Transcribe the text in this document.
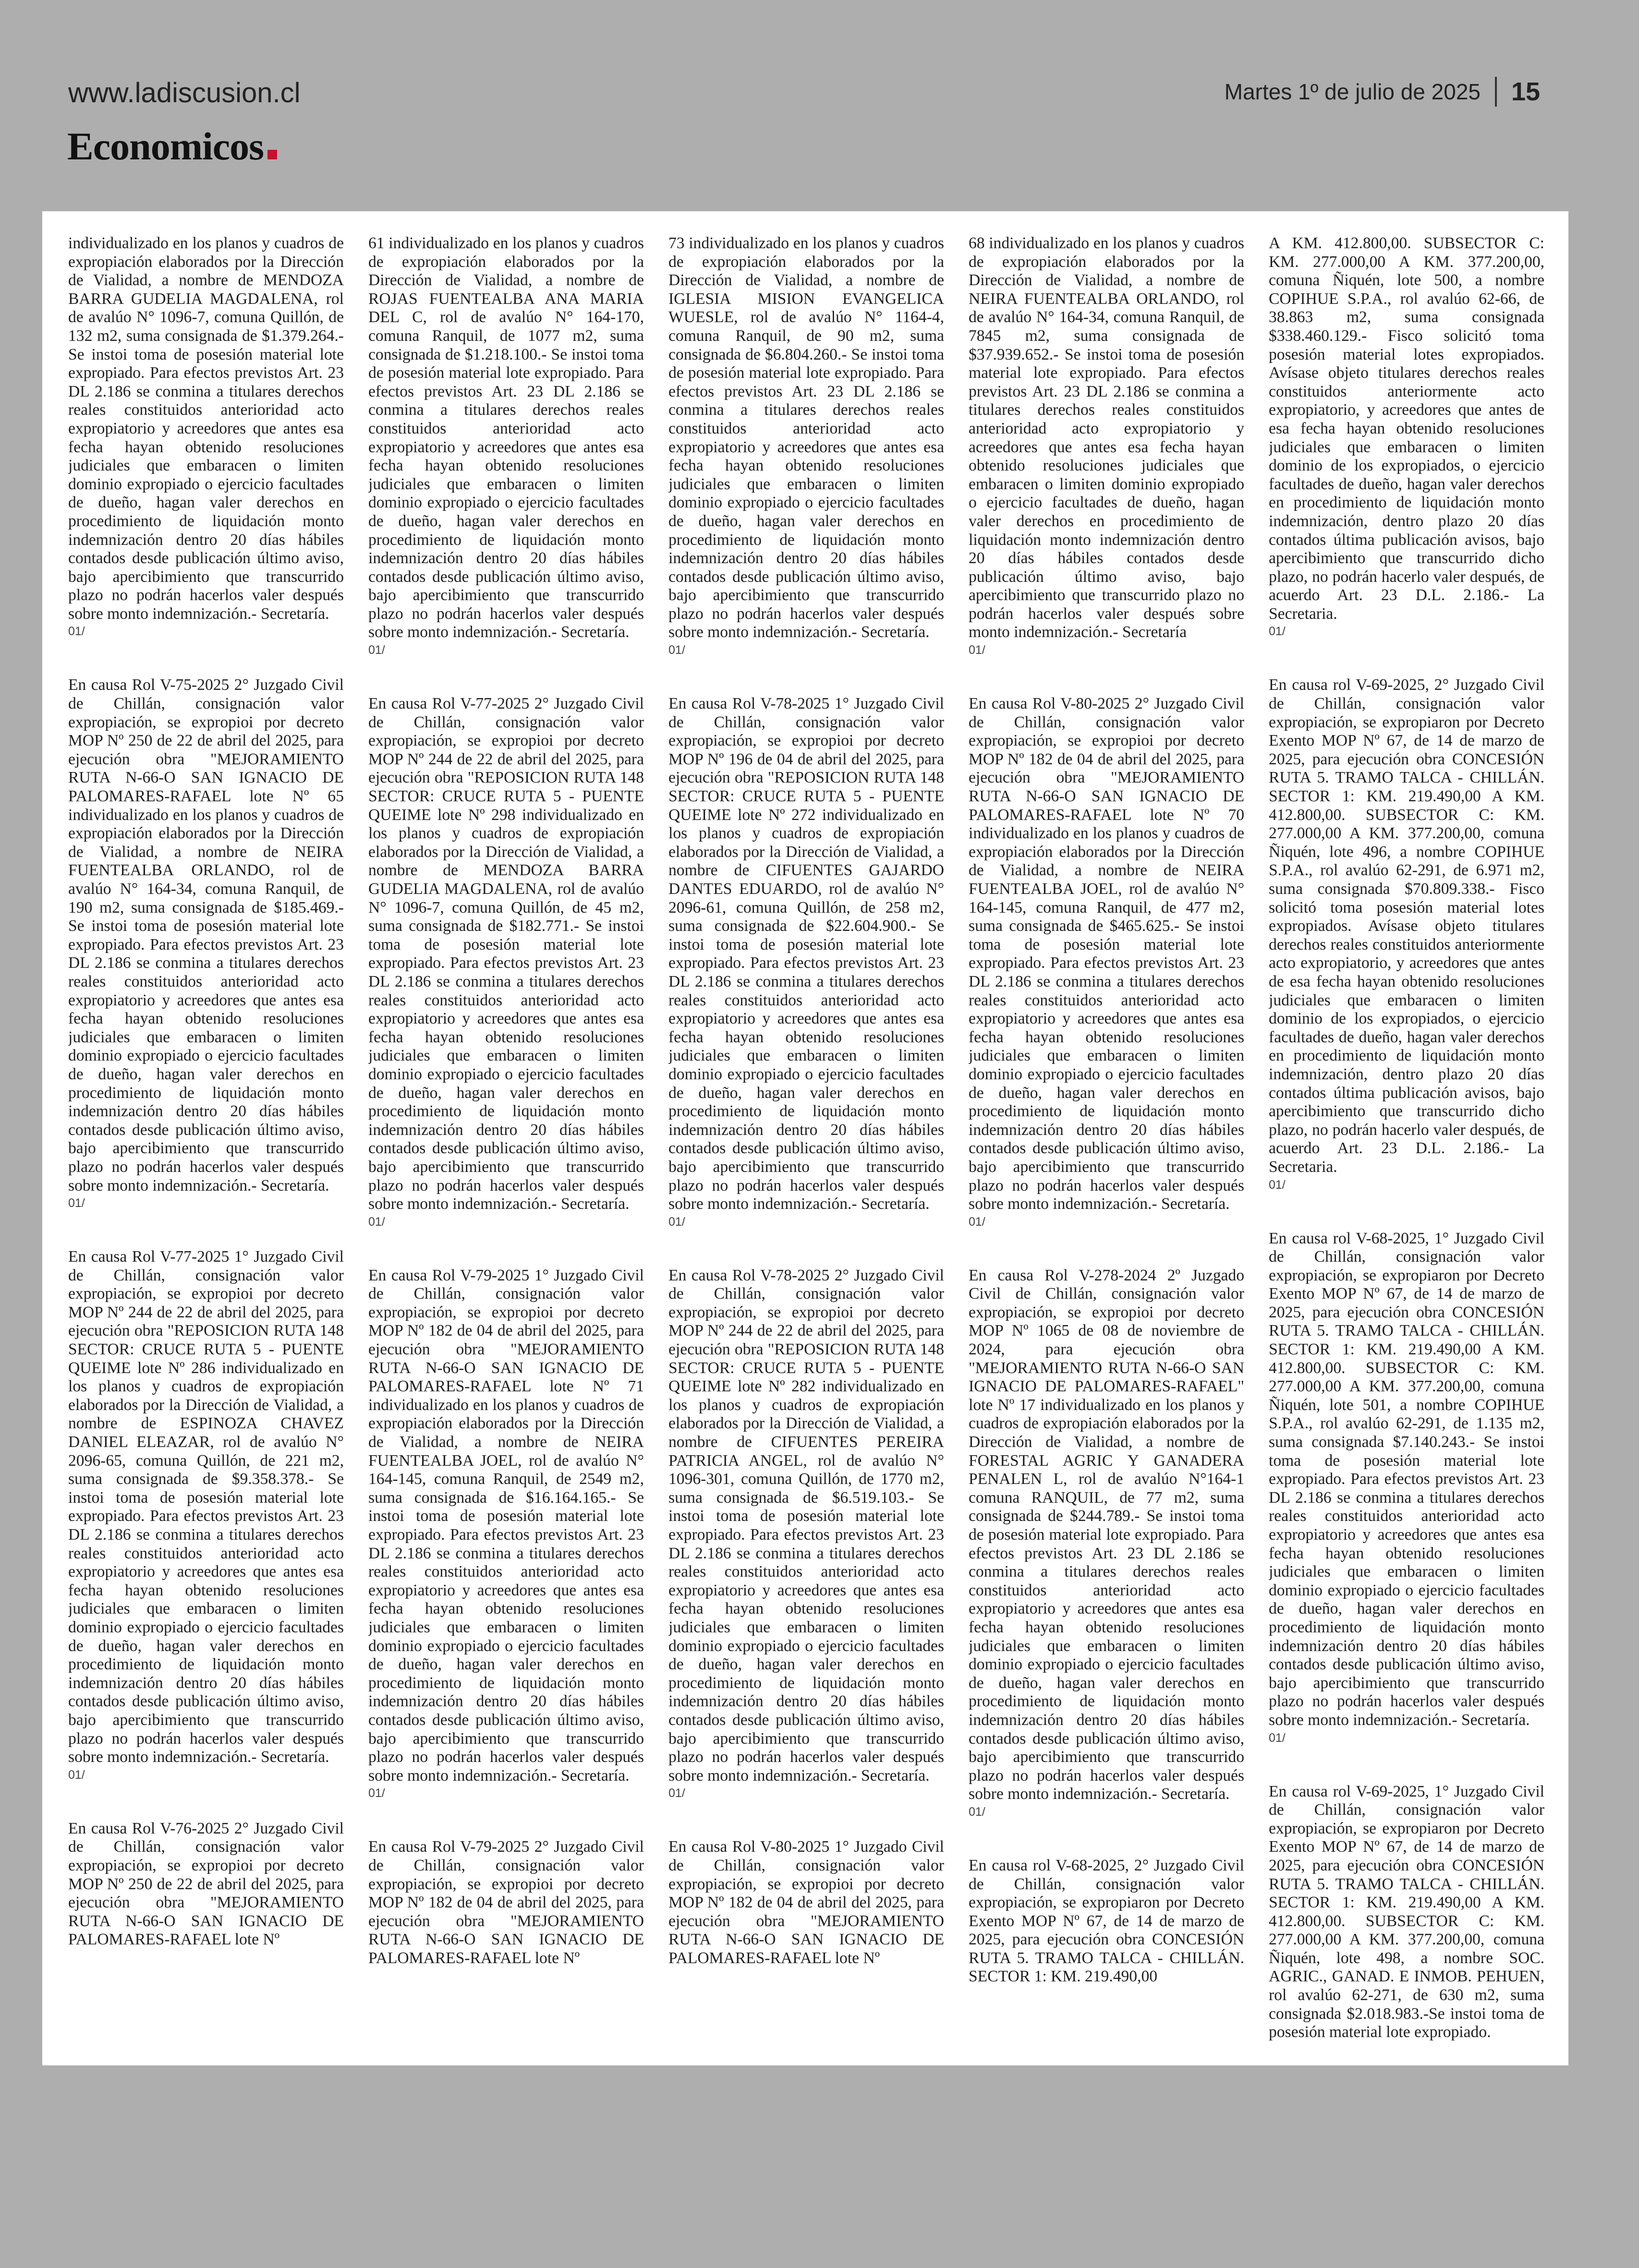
www.ladiscusion.cl
Economicos
Martes 1º de julio de 2025 15

individualizado en los planos y cuadros de expropiación elaborados por la Dirección de Vialidad, a nombre de MENDOZA BARRA GUDELIA MAGDALENA, rol de avalúo N° 1096-7, comuna Quillón, de 132 m2, suma consignada de $1.379.264.- Se instoi toma de posesión material lote expropiado. Para efectos previstos Art. 23 DL 2.186 se conmina a titulares derechos reales constituidos anterioridad acto expropiatorio y acreedores que antes esa fecha hayan obtenido resoluciones judiciales que embaracen o limiten dominio expropiado o ejercicio facultades de dueño, hagan valer derechos en procedimiento de liquidación monto indemnización dentro 20 días hábiles contados desde publicación último aviso, bajo apercibimiento que transcurrido plazo no podrán hacerlos valer después sobre monto indemnización.- Secretaría.

01/

En causa Rol V-75-2025 2° Juzgado Civil de Chillán, consignación valor expropiación, se expropioi por decreto MOP Nº 250 de 22 de abril del 2025, para ejecución obra "MEJORAMIENTO RUTA N-66-O SAN IGNACIO DE PALOMARES-RAFAEL lote Nº 65 individualizado en los planos y cuadros de expropiación elaborados por la Dirección de Vialidad, a nombre de NEIRA FUENTEALBA ORLANDO, rol de avalúo N° 164-34, comuna Ranquil, de 190 m2, suma consignada de $185.469.- Se instoi toma de posesión material lote expropiado. Para efectos previstos Art. 23 DL 2.186 se conmina a titulares derechos reales constituidos anterioridad acto expropiatorio y acreedores que antes esa fecha hayan obtenido resoluciones judiciales que embaracen o limiten dominio expropiado o ejercicio facultades de dueño, hagan valer derechos en procedimiento de liquidación monto indemnización dentro 20 días hábiles contados desde publicación último aviso, bajo apercibimiento que transcurrido plazo no podrán hacerlos valer después sobre monto indemnización.- Secretaría.

01/

En causa Rol V-77-2025 1° Juzgado Civil de Chillán, consignación valor expropiación, se expropioi por decreto MOP Nº 244 de 22 de abril del 2025, para ejecución obra "REPOSICION RUTA 148 SECTOR: CRUCE RUTA 5 - PUENTE QUEIME lote Nº 286 individualizado en los planos y cuadros de expropiación elaborados por la Dirección de Vialidad, a nombre de ESPINOZA CHAVEZ DANIEL ELEAZAR, rol de avalúo N° 2096-65, comuna Quillón, de 221 m2, suma consignada de $9.358.378.- Se instoi toma de posesión material lote expropiado. Para efectos previstos Art. 23 DL 2.186 se conmina a titulares derechos reales constituidos anterioridad acto expropiatorio y acreedores que antes esa fecha hayan obtenido resoluciones judiciales que embaracen o limiten dominio expropiado o ejercicio facultades de dueño, hagan valer derechos en procedimiento de liquidación monto indemnización dentro 20 días hábiles contados desde publicación último aviso, bajo apercibimiento que transcurrido plazo no podrán hacerlos valer después sobre monto indemnización.- Secretaría.

01/

En causa Rol V-76-2025 2° Juzgado Civil de Chillán, consignación valor expropiación, se expropioi por decreto MOP Nº 250 de 22 de abril del 2025, para ejecución obra "MEJORAMIENTO RUTA N-66-O SAN IGNACIO DE PALOMARES-RAFAEL lote Nº

61 individualizado en los planos y cuadros de expropiación elaborados por la Dirección de Vialidad, a nombre de ROJAS FUENTEALBA ANA MARIA DEL C, rol de avalúo N° 164-170, comuna Ranquil, de 1077 m2, suma consignada de $1.218.100.- Se instoi toma de posesión material lote expropiado. Para efectos previstos Art. 23 DL 2.186 se conmina a titulares derechos reales constituidos anterioridad acto expropiatorio y acreedores que antes esa fecha hayan obtenido resoluciones judiciales que embaracen o limiten dominio expropiado o ejercicio facultades de dueño, hagan valer derechos en procedimiento de liquidación monto indemnización dentro 20 días hábiles contados desde publicación último aviso, bajo apercibimiento que transcurrido plazo no podrán hacerlos valer después sobre monto indemnización.- Secretaría.

01/

En causa Rol V-77-2025 2° Juzgado Civil de Chillán, consignación valor expropiación, se expropioi por decreto MOP Nº 244 de 22 de abril del 2025, para ejecución obra "REPOSICION RUTA 148 SECTOR: CRUCE RUTA 5 - PUENTE QUEIME lote Nº 298 individualizado en los planos y cuadros de expropiación elaborados por la Dirección de Vialidad, a nombre de MENDOZA BARRA GUDELIA MAGDALENA, rol de avalúo N° 1096-7, comuna Quillón, de 45 m2, suma consignada de $182.771.- Se instoi toma de posesión material lote expropiado. Para efectos previstos Art. 23 DL 2.186 se conmina a titulares derechos reales constituidos anterioridad acto expropiatorio y acreedores que antes esa fecha hayan obtenido resoluciones judiciales que embaracen o limiten dominio expropiado o ejercicio facultades de dueño, hagan valer derechos en procedimiento de liquidación monto indemnización dentro 20 días hábiles contados desde publicación último aviso, bajo apercibimiento que transcurrido plazo no podrán hacerlos valer después sobre monto indemnización.- Secretaría.

01/

En causa Rol V-79-2025 1° Juzgado Civil de Chillán, consignación valor expropiación, se expropioi por decreto MOP Nº 182 de 04 de abril del 2025, para ejecución obra "MEJORAMIENTO RUTA N-66-O SAN IGNACIO DE PALOMARES-RAFAEL lote Nº 71 individualizado en los planos y cuadros de expropiación elaborados por la Dirección de Vialidad, a nombre de NEIRA FUENTEALBA JOEL, rol de avalúo N° 164-145, comuna Ranquil, de 2549 m2, suma consignada de $16.164.165.- Se instoi toma de posesión material lote expropiado. Para efectos previstos Art. 23 DL 2.186 se conmina a titulares derechos reales constituidos anterioridad acto expropiatorio y acreedores que antes esa fecha hayan obtenido resoluciones judiciales que embaracen o limiten dominio expropiado o ejercicio facultades de dueño, hagan valer derechos en procedimiento de liquidación monto indemnización dentro 20 días hábiles contados desde publicación último aviso, bajo apercibimiento que transcurrido plazo no podrán hacerlos valer después sobre monto indemnización.- Secretaría.

01/

En causa Rol V-79-2025 2° Juzgado Civil de Chillán, consignación valor expropiación, se expropioi por decreto MOP Nº 182 de 04 de abril del 2025, para ejecución obra "MEJORAMIENTO RUTA N-66-O SAN IGNACIO DE PALOMARES-RAFAEL lote Nº

73 individualizado en los planos y cuadros de expropiación elaborados por la Dirección de Vialidad, a nombre de IGLESIA MISION EVANGELICA WUESLE, rol de avalúo N° 1164-4, comuna Ranquil, de 90 m2, suma consignada de $6.804.260.- Se instoi toma de posesión material lote expropiado. Para efectos previstos Art. 23 DL 2.186 se conmina a titulares derechos reales constituidos anterioridad acto expropiatorio y acreedores que antes esa fecha hayan obtenido resoluciones judiciales que embaracen o limiten dominio expropiado o ejercicio facultades de dueño, hagan valer derechos en procedimiento de liquidación monto indemnización dentro 20 días hábiles contados desde publicación último aviso, bajo apercibimiento que transcurrido plazo no podrán hacerlos valer después sobre monto indemnización.- Secretaría.

01/

En causa Rol V-78-2025 1° Juzgado Civil de Chillán, consignación valor expropiación, se expropioi por decreto MOP Nº 196 de 04 de abril del 2025, para ejecución obra "REPOSICION RUTA 148 SECTOR: CRUCE RUTA 5 - PUENTE QUEIME lote Nº 272 individualizado en los planos y cuadros de expropiación elaborados por la Dirección de Vialidad, a nombre de CIFUENTES GAJARDO DANTES EDUARDO, rol de avalúo N° 2096-61, comuna Quillón, de 258 m2, suma consignada de $22.604.900.- Se instoi toma de posesión material lote expropiado. Para efectos previstos Art. 23 DL 2.186 se conmina a titulares derechos reales constituidos anterioridad acto expropiatorio y acreedores que antes esa fecha hayan obtenido resoluciones judiciales que embaracen o limiten dominio expropiado o ejercicio facultades de dueño, hagan valer derechos en procedimiento de liquidación monto indemnización dentro 20 días hábiles contados desde publicación último aviso, bajo apercibimiento que transcurrido plazo no podrán hacerlos valer después sobre monto indemnización.- Secretaría.

01/

En causa Rol V-78-2025 2° Juzgado Civil de Chillán, consignación valor expropiación, se expropioi por decreto MOP Nº 244 de 22 de abril del 2025, para ejecución obra "REPOSICION RUTA 148 SECTOR: CRUCE RUTA 5 - PUENTE QUEIME lote Nº 282 individualizado en los planos y cuadros de expropiación elaborados por la Dirección de Vialidad, a nombre de CIFUENTES PEREIRA PATRICIA ANGEL, rol de avalúo N° 1096-301, comuna Quillón, de 1770 m2, suma consignada de $6.519.103.- Se instoi toma de posesión material lote expropiado. Para efectos previstos Art. 23 DL 2.186 se conmina a titulares derechos reales constituidos anterioridad acto expropiatorio y acreedores que antes esa fecha hayan obtenido resoluciones judiciales que embaracen o limiten dominio expropiado o ejercicio facultades de dueño, hagan valer derechos en procedimiento de liquidación monto indemnización dentro 20 días hábiles contados desde publicación último aviso, bajo apercibimiento que transcurrido plazo no podrán hacerlos valer después sobre monto indemnización.- Secretaría.

01/

En causa Rol V-80-2025 1° Juzgado Civil de Chillán, consignación valor expropiación, se expropioi por decreto MOP Nº 182 de 04 de abril del 2025, para ejecución obra "MEJORAMIENTO RUTA N-66-O SAN IGNACIO DE PALOMARES-RAFAEL lote Nº

68 individualizado en los planos y cuadros de expropiación elaborados por la Dirección de Vialidad, a nombre de NEIRA FUENTEALBA ORLANDO, rol de avalúo N° 164-34, comuna Ranquil, de 7845 m2, suma consignada de $37.939.652.- Se instoi toma de posesión material lote expropiado. Para efectos previstos Art. 23 DL 2.186 se conmina a titulares derechos reales constituidos anterioridad acto expropiatorio y acreedores que antes esa fecha hayan obtenido resoluciones judiciales que embaracen o limiten dominio expropiado o ejercicio facultades de dueño, hagan valer derechos en procedimiento de liquidación monto indemnización dentro 20 días hábiles contados desde publicación último aviso, bajo apercibimiento que transcurrido plazo no podrán hacerlos valer después sobre monto indemnización.- Secretaría

01/

En causa Rol V-80-2025 2° Juzgado Civil de Chillán, consignación valor expropiación, se expropioi por decreto MOP Nº 182 de 04 de abril del 2025, para ejecución obra "MEJORAMIENTO RUTA N-66-O SAN IGNACIO DE PALOMARES-RAFAEL lote Nº 70 individualizado en los planos y cuadros de expropiación elaborados por la Dirección de Vialidad, a nombre de NEIRA FUENTEALBA JOEL, rol de avalúo N° 164-145, comuna Ranquil, de 477 m2, suma consignada de $465.625.- Se instoi toma de posesión material lote expropiado. Para efectos previstos Art. 23 DL 2.186 se conmina a titulares derechos reales constituidos anterioridad acto expropiatorio y acreedores que antes esa fecha hayan obtenido resoluciones judiciales que embaracen o limiten dominio expropiado o ejercicio facultades de dueño, hagan valer derechos en procedimiento de liquidación monto indemnización dentro 20 días hábiles contados desde publicación último aviso, bajo apercibimiento que transcurrido plazo no podrán hacerlos valer después sobre monto indemnización.- Secretaría.

01/

En causa Rol V-278-2024 2º Juzgado Civil de Chillán, consignación valor expropiación, se expropioi por decreto MOP Nº 1065 de 08 de noviembre de 2024, para ejecución obra "MEJORAMIENTO RUTA N-66-O SAN IGNACIO DE PALOMARES-RAFAEL" lote Nº 17 individualizado en los planos y cuadros de expropiación elaborados por la Dirección de Vialidad, a nombre de FORESTAL AGRIC Y GANADERA PENALEN L, rol de avalúo N°164-1 comuna RANQUIL, de 77 m2, suma consignada de $244.789.- Se instoi toma de posesión material lote expropiado. Para efectos previstos Art. 23 DL 2.186 se conmina a titulares derechos reales constituidos anterioridad acto expropiatorio y acreedores que antes esa fecha hayan obtenido resoluciones judiciales que embaracen o limiten dominio expropiado o ejercicio facultades de dueño, hagan valer derechos en procedimiento de liquidación monto indemnización dentro 20 días hábiles contados desde publicación último aviso, bajo apercibimiento que transcurrido plazo no podrán hacerlos valer después sobre monto indemnización.- Secretaría.

01/

En causa rol V-68-2025, 2° Juzgado Civil de Chillán, consignación valor expropiación, se expropiaron por Decreto Exento MOP Nº 67, de 14 de marzo de 2025, para ejecución obra CONCESIÓN RUTA 5. TRAMO TALCA - CHILLÁN. SECTOR 1: KM. 219.490,00

A KM. 412.800,00. SUBSECTOR C: KM. 277.000,00 A KM. 377.200,00, comuna Ñiquén, lote 500, a nombre COPIHUE S.P.A., rol avalúo 62-66, de 38.863 m2, suma consignada $338.460.129.- Fisco solicitó toma posesión material lotes expropiados. Avísase objeto titulares derechos reales constituidos anteriormente acto expropiatorio, y acreedores que antes de esa fecha hayan obtenido resoluciones judiciales que embaracen o limiten dominio de los expropiados, o ejercicio facultades de dueño, hagan valer derechos en procedimiento de liquidación monto indemnización, dentro plazo 20 días contados última publicación avisos, bajo apercibimiento que transcurrido dicho plazo, no podrán hacerlo valer después, de acuerdo Art. 23 D.L. 2.186.- La Secretaria.

01/

En causa rol V-69-2025, 2° Juzgado Civil de Chillán, consignación valor expropiación, se expropiaron por Decreto Exento MOP Nº 67, de 14 de marzo de 2025, para ejecución obra CONCESIÓN RUTA 5. TRAMO TALCA - CHILLÁN. SECTOR 1: KM. 219.490,00 A KM. 412.800,00. SUBSECTOR C: KM. 277.000,00 A KM. 377.200,00, comuna Ñiquén, lote 496, a nombre COPIHUE S.P.A., rol avalúo 62-291, de 6.971 m2, suma consignada $70.809.338.- Fisco solicitó toma posesión material lotes expropiados. Avísase objeto titulares derechos reales constituidos anteriormente acto expropiatorio, y acreedores que antes de esa fecha hayan obtenido resoluciones judiciales que embaracen o limiten dominio de los expropiados, o ejercicio facultades de dueño, hagan valer derechos en procedimiento de liquidación monto indemnización, dentro plazo 20 días contados última publicación avisos, bajo apercibimiento que transcurrido dicho plazo, no podrán hacerlo valer después, de acuerdo Art. 23 D.L. 2.186.- La Secretaria.

01/

En causa rol V-68-2025, 1° Juzgado Civil de Chillán, consignación valor expropiación, se expropiaron por Decreto Exento MOP Nº 67, de 14 de marzo de 2025, para ejecución obra CONCESIÓN RUTA 5. TRAMO TALCA - CHILLÁN. SECTOR 1: KM. 219.490,00 A KM. 412.800,00. SUBSECTOR C: KM. 277.000,00 A KM. 377.200,00, comuna Ñiquén, lote 501, a nombre COPIHUE S.P.A., rol avalúo 62-291, de 1.135 m2, suma consignada $7.140.243.- Se instoi toma de posesión material lote expropiado. Para efectos previstos Art. 23 DL 2.186 se conmina a titulares derechos reales constituidos anterioridad acto expropiatorio y acreedores que antes esa fecha hayan obtenido resoluciones judiciales que embaracen o limiten dominio expropiado o ejercicio facultades de dueño, hagan valer derechos en procedimiento de liquidación monto indemnización dentro 20 días hábiles contados desde publicación último aviso, bajo apercibimiento que transcurrido plazo no podrán hacerlos valer después sobre monto indemnización.- Secretaría.

01/

En causa rol V-69-2025, 1° Juzgado Civil de Chillán, consignación valor expropiación, se expropiaron por Decreto Exento MOP Nº 67, de 14 de marzo de 2025, para ejecución obra CONCESIÓN RUTA 5. TRAMO TALCA - CHILLÁN. SECTOR 1: KM. 219.490,00 A KM. 412.800,00. SUBSECTOR C: KM. 277.000,00 A KM. 377.200,00, comuna Ñiquén, lote 498, a nombre SOC. AGRIC., GANAD. E INMOB. PEHUEN, rol avalúo 62-271, de 630 m2, suma consignada $2.018.983.-Se instoi toma de posesión material lote expropiado.
